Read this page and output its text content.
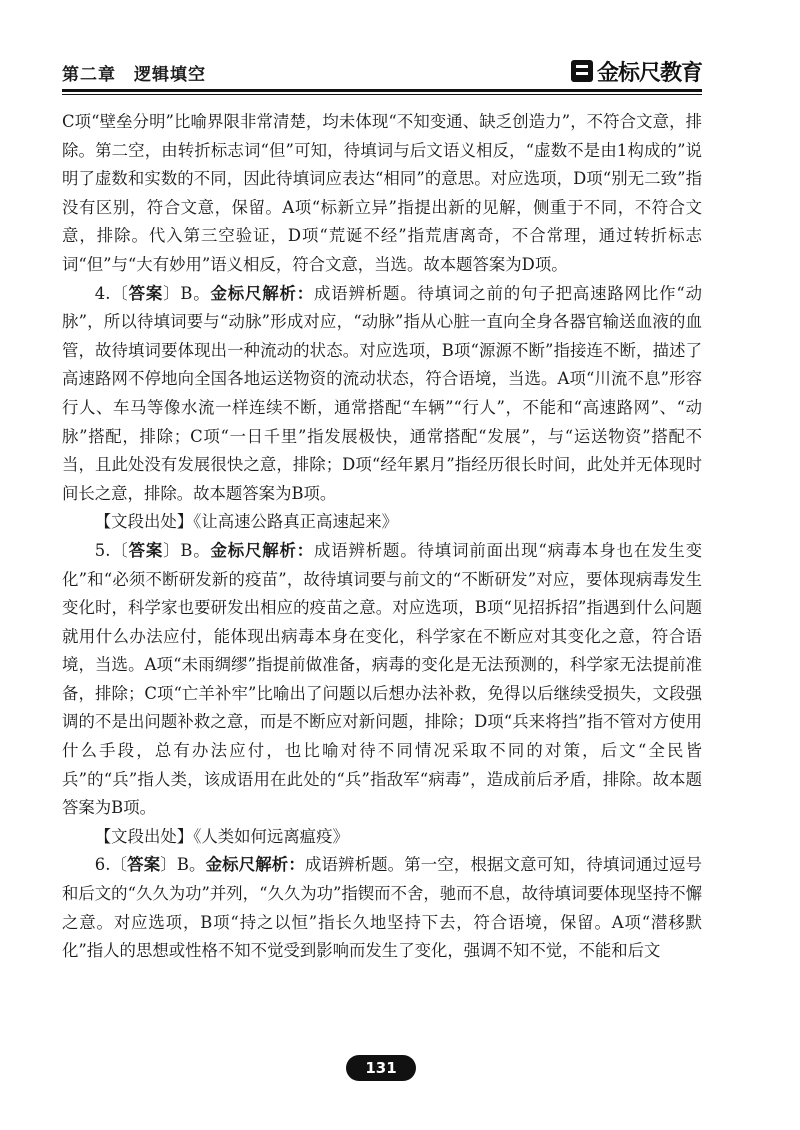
第二章　逻辑填空	金标尺教育

C项“壁垒分明”比喻界限非常清楚，均未体现“不知变通、缺乏创造力”，不符合文意，排除。第二空，由转折标志词“但”可知，待填词与后文语义相反，“虚数不是由1构成的”说明了虚数和实数的不同，因此待填词应表达“相同”的意思。对应选项，D项“别无二致”指没有区别，符合文意，保留。A项“标新立异”指提出新的见解，侧重于不同，不符合文意，排除。代入第三空验证，D项“荒诞不经”指荒唐离奇，不合常理，通过转折标志词“但”与“大有妙用”语义相反，符合文意，当选。故本题答案为D项。

4.〔答案〕B。金标尺解析：成语辨析题。待填词之前的句子把高速路网比作“动脉”，所以待填词要与“动脉”形成对应，“动脉”指从心脏一直向全身各器官输送血液的血管，故待填词要体现出一种流动的状态。对应选项，B项“源源不断”指接连不断，描述了高速路网不停地向全国各地运送物资的流动状态，符合语境，当选。A项“川流不息”形容行人、车马等像水流一样连续不断，通常搭配“车辆”“行人”，不能和“高速路网”、“动脉”搭配，排除；C项“一日千里”指发展极快，通常搭配“发展”，与“运送物资”搭配不当，且此处没有发展很快之意，排除；D项“经年累月”指经历很长时间，此处并无体现时间长之意，排除。故本题答案为B项。

【文段出处】《让高速公路真正高速起来》

5.〔答案〕B。金标尺解析：成语辨析题。待填词前面出现“病毒本身也在发生变化”和“必须不断研发新的疫苗”，故待填词要与前文的“不断研发”对应，要体现病毒发生变化时，科学家也要研发出相应的疫苗之意。对应选项，B项“见招拆招”指遇到什么问题就用什么办法应付，能体现出病毒本身在变化，科学家在不断应对其变化之意，符合语境，当选。A项“未雨绸缪”指提前做准备，病毒的变化是无法预测的，科学家无法提前准备，排除；C项“亡羊补牢”比喻出了问题以后想办法补救，免得以后继续受损失，文段强调的不是出问题补救之意，而是不断应对新问题，排除；D项“兵来将挡”指不管对方使用什么手段，总有办法应付，也比喻对待不同情况采取不同的对策，后文“全民皆兵”的“兵”指人类，该成语用在此处的“兵”指敌军“病毒”，造成前后矛盾，排除。故本题答案为B项。

【文段出处】《人类如何远离瘟疫》

6.〔答案〕B。金标尺解析：成语辨析题。第一空，根据文意可知，待填词通过逗号和后文的“久久为功”并列，“久久为功”指锲而不舍，驰而不息，故待填词要体现坚持不懈之意。对应选项，B项“持之以恒”指长久地坚持下去，符合语境，保留。A项“潜移默化”指人的思想或性格不知不觉受到影响而发生了变化，强调不知不觉，不能和后文

131
